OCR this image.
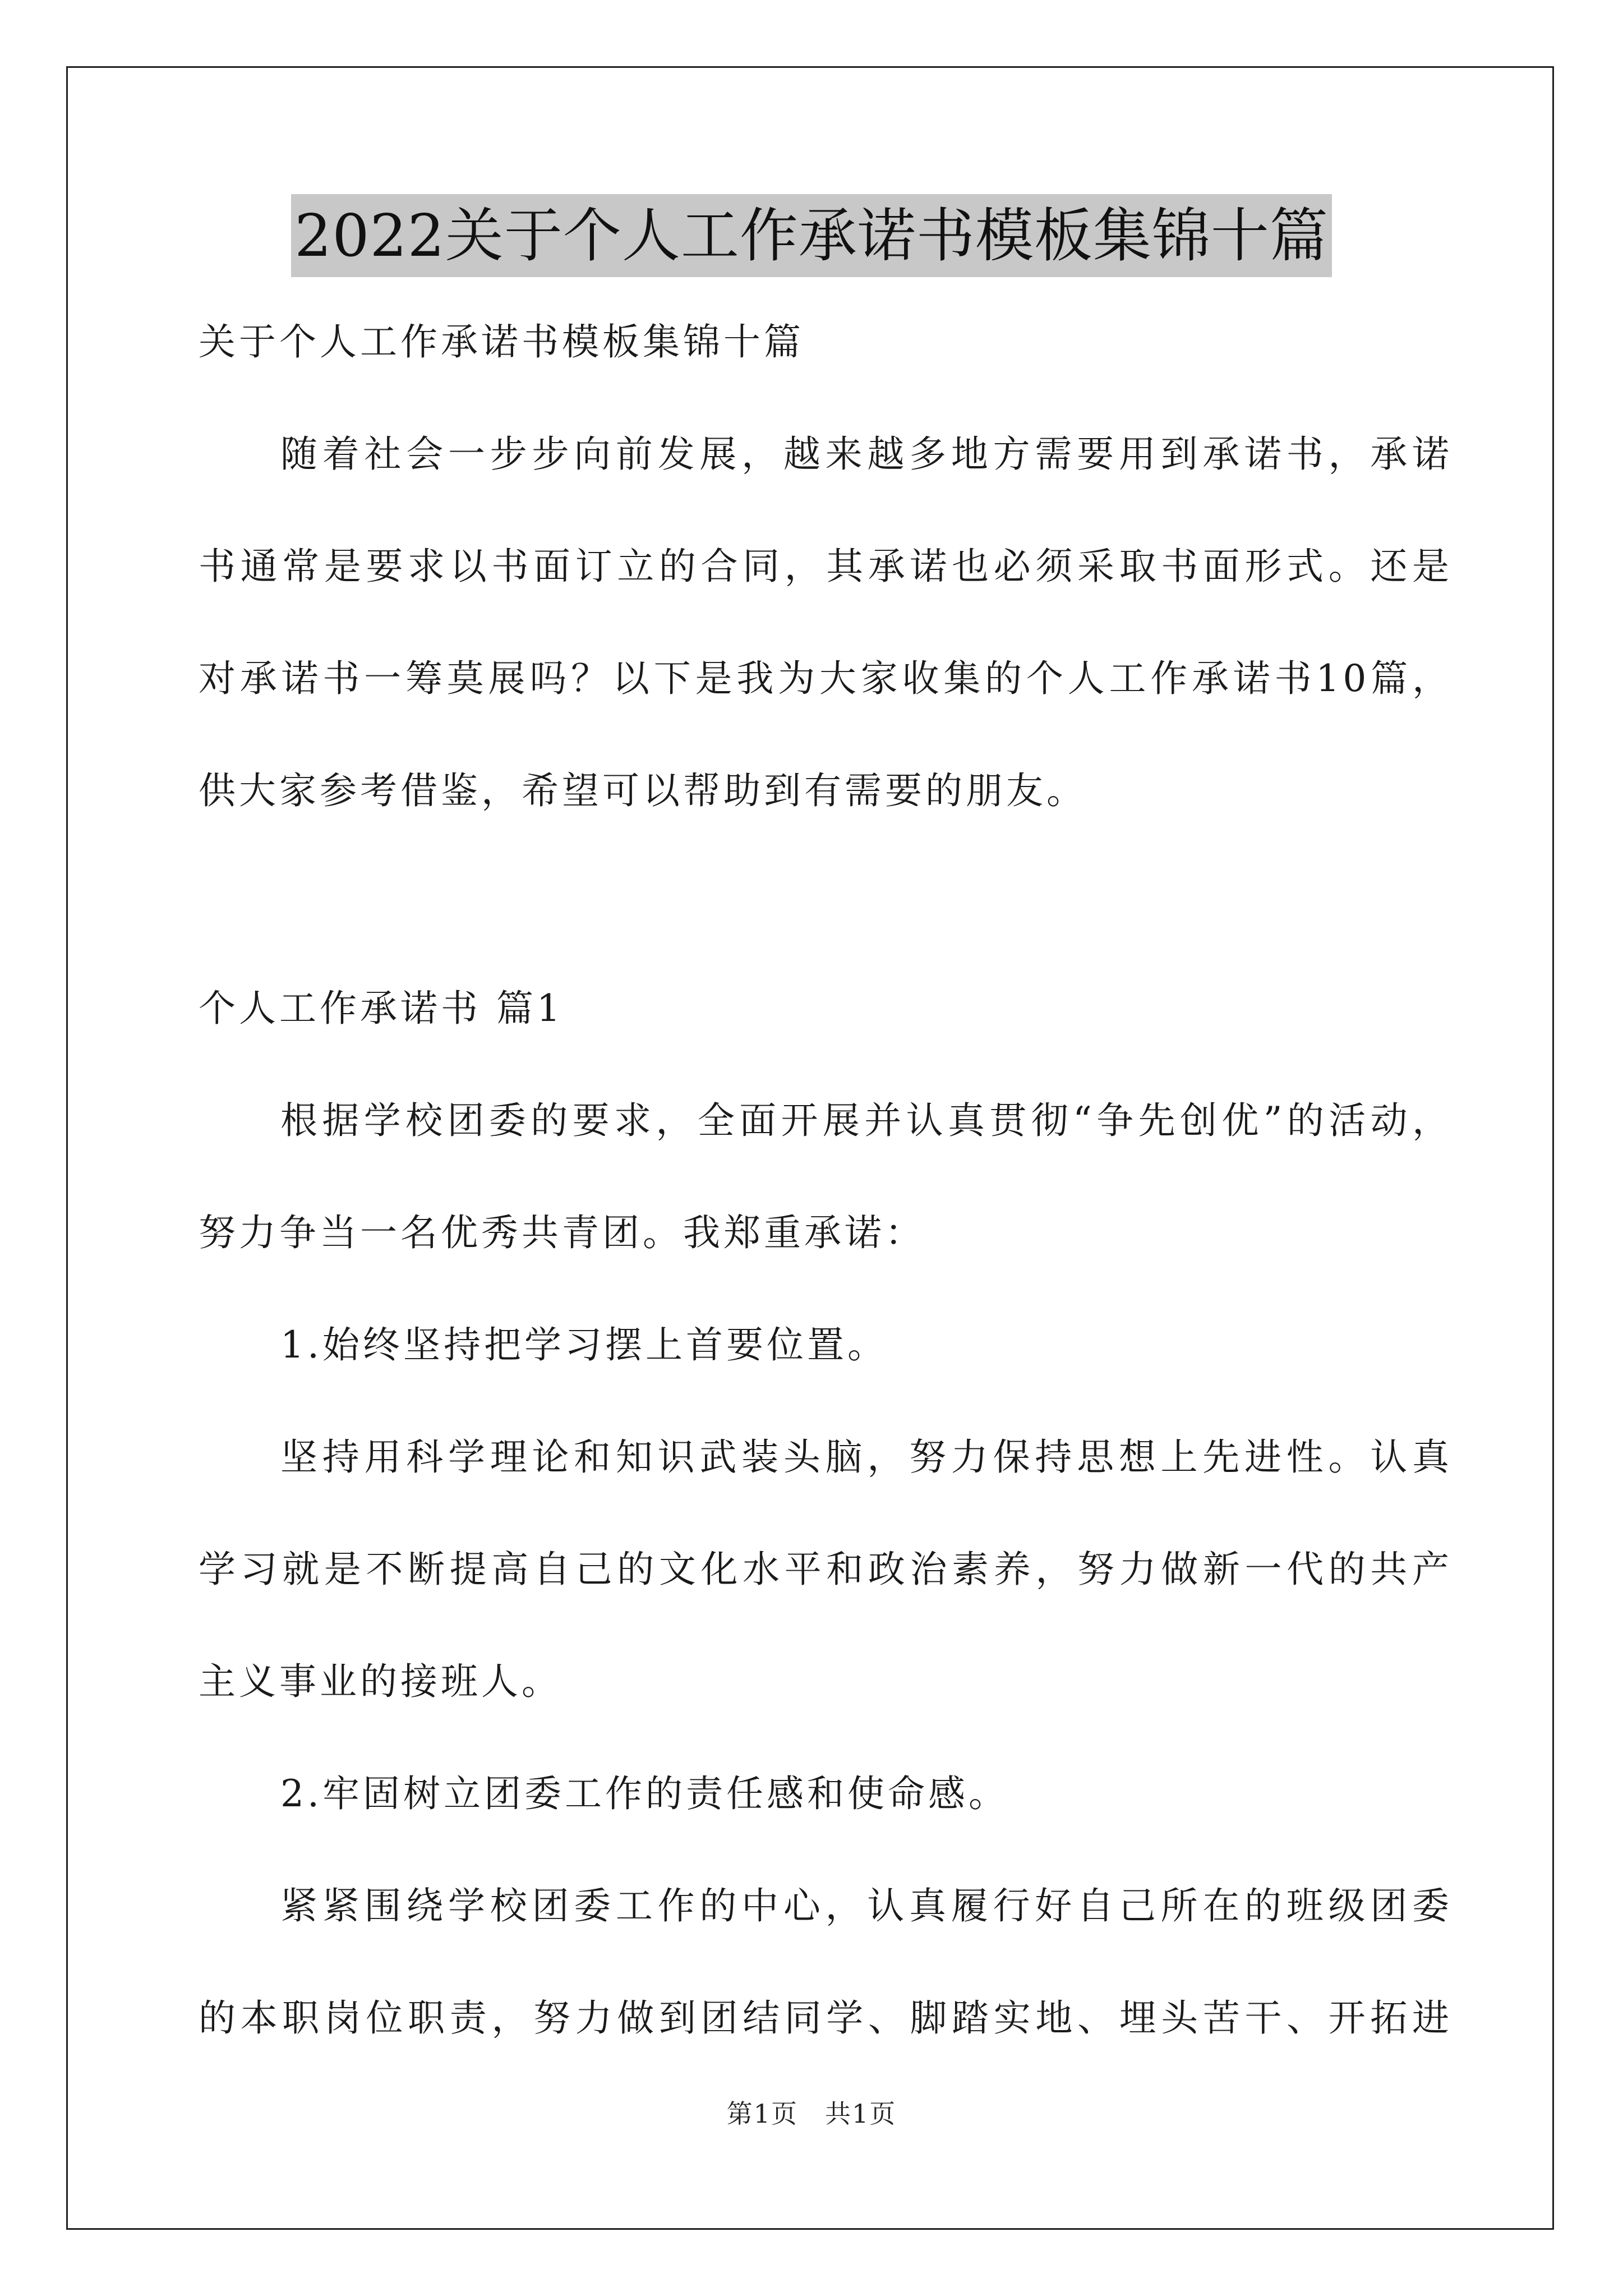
2022关于个人工作承诺书模板集锦十篇
关于个人工作承诺书模板集锦十篇
随着社会一步步向前发展，越来越多地方需要用到承诺书，承诺
书通常是要求以书面订立的合同，其承诺也必须采取书面形式。还是
对承诺书一筹莫展吗？以下是我为大家收集的个人工作承诺书10篇，
供大家参考借鉴，希望可以帮助到有需要的朋友。
个人工作承诺书 篇1
根据学校团委的要求，全面开展并认真贯彻“争先创优”的活动，
努力争当一名优秀共青团。我郑重承诺：
1.始终坚持把学习摆上首要位置。
坚持用科学理论和知识武装头脑，努力保持思想上先进性。认真
学习就是不断提高自己的文化水平和政治素养，努力做新一代的共产
主义事业的接班人。
2.牢固树立团委工作的责任感和使命感。
紧紧围绕学校团委工作的中心，认真履行好自己所在的班级团委
的本职岗位职责，努力做到团结同学、脚踏实地、埋头苦干、开拓进
第1页　共1页
